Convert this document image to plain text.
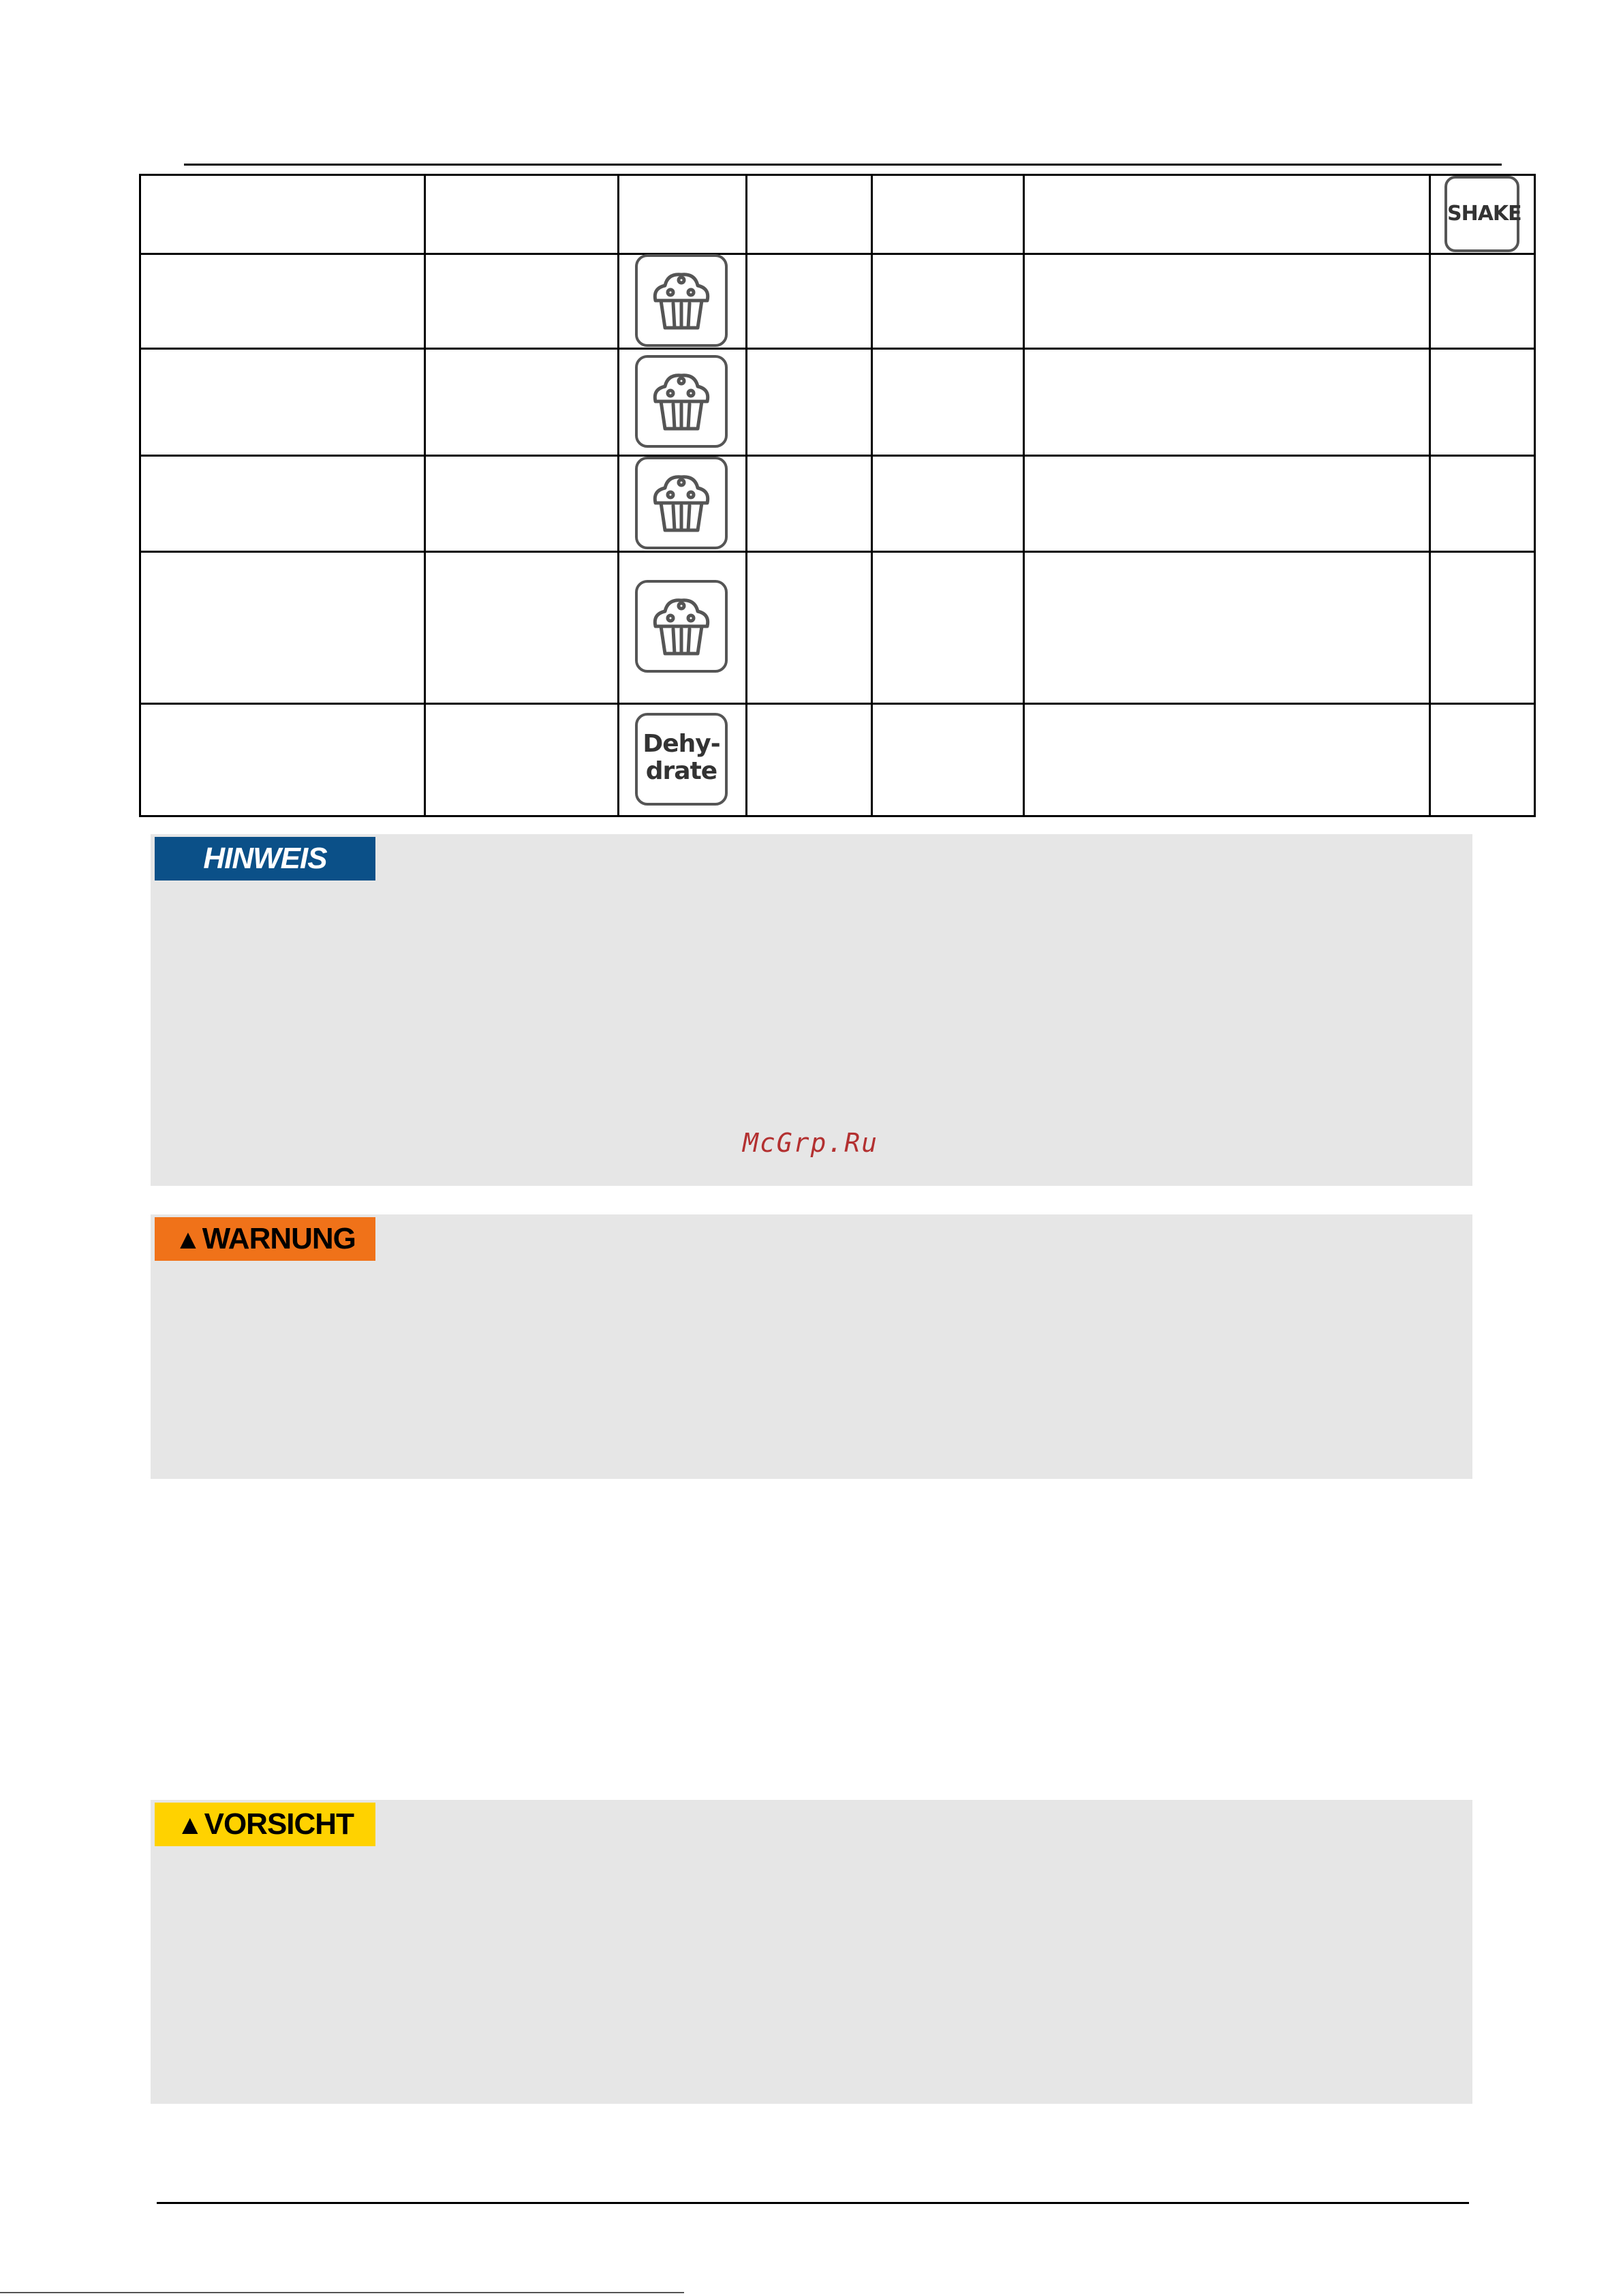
SHAKE
Dehy-
drate
HINWEIS
McGrp.Ru
▲WARNUNG
▲VORSICHT
